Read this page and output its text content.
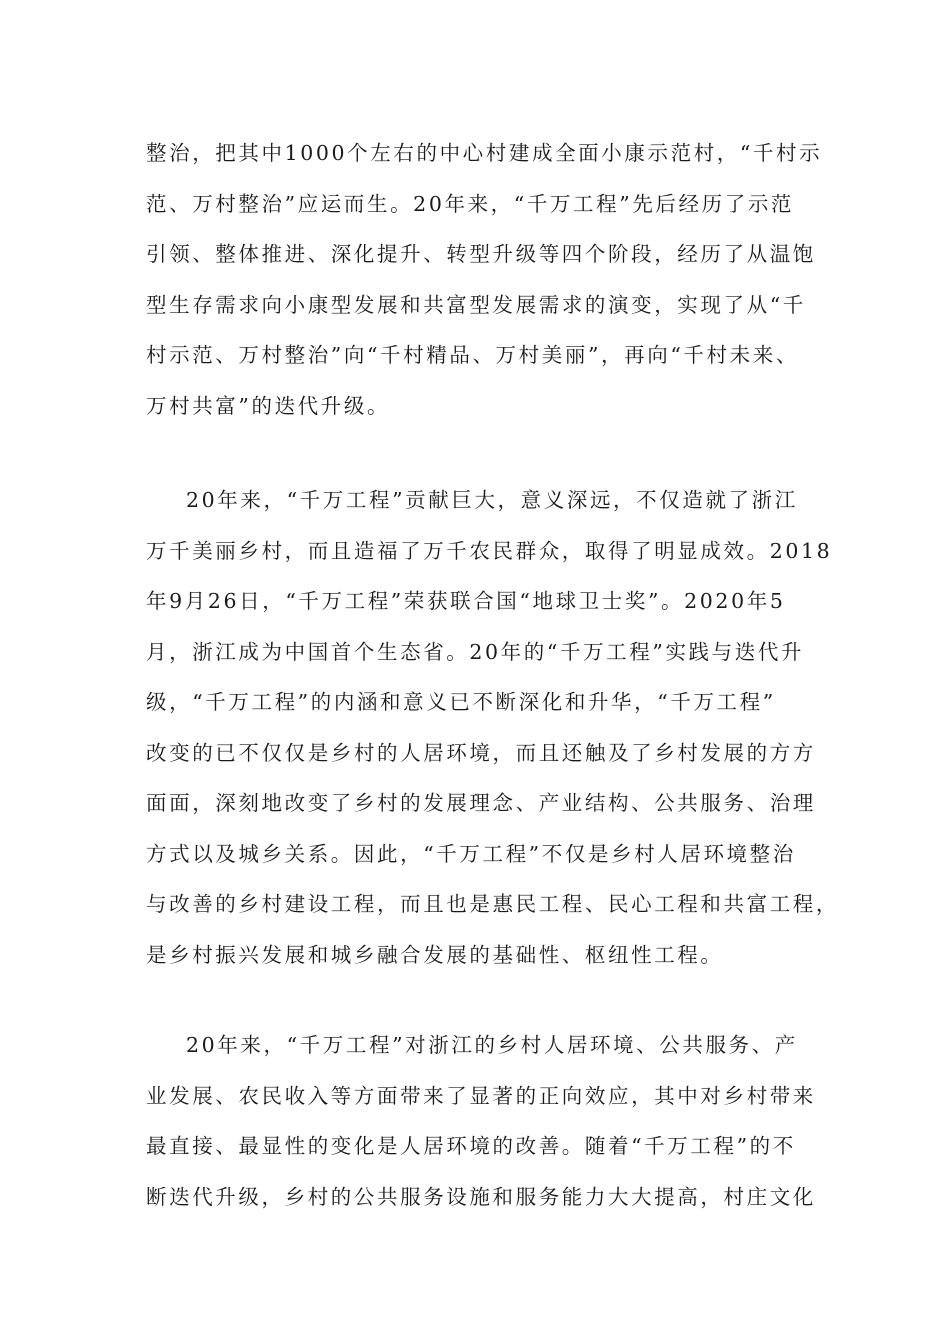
整治，把其中1000个左右的中心村建成全面小康示范村，“千村示
范、万村整治”应运而生。20年来，“千万工程”先后经历了示范
引领、整体推进、深化提升、转型升级等四个阶段，经历了从温饱
型生存需求向小康型发展和共富型发展需求的演变，实现了从“千
村示范、万村整治”向“千村精品、万村美丽”，再向“千村未来、
万村共富”的迭代升级。
20年来，“千万工程”贡献巨大，意义深远，不仅造就了浙江
万千美丽乡村，而且造福了万千农民群众，取得了明显成效。2018
年9月26日，“千万工程”荣获联合国“地球卫士奖”。2020年5
月，浙江成为中国首个生态省。20年的“千万工程”实践与迭代升
级，“千万工程”的内涵和意义已不断深化和升华，“千万工程”
改变的已不仅仅是乡村的人居环境，而且还触及了乡村发展的方方
面面，深刻地改变了乡村的发展理念、产业结构、公共服务、治理
方式以及城乡关系。因此，“千万工程”不仅是乡村人居环境整治
与改善的乡村建设工程，而且也是惠民工程、民心工程和共富工程，
是乡村振兴发展和城乡融合发展的基础性、枢纽性工程。
20年来，“千万工程”对浙江的乡村人居环境、公共服务、产
业发展、农民收入等方面带来了显著的正向效应，其中对乡村带来
最直接、最显性的变化是人居环境的改善。随着“千万工程”的不
断迭代升级，乡村的公共服务设施和服务能力大大提高，村庄文化
